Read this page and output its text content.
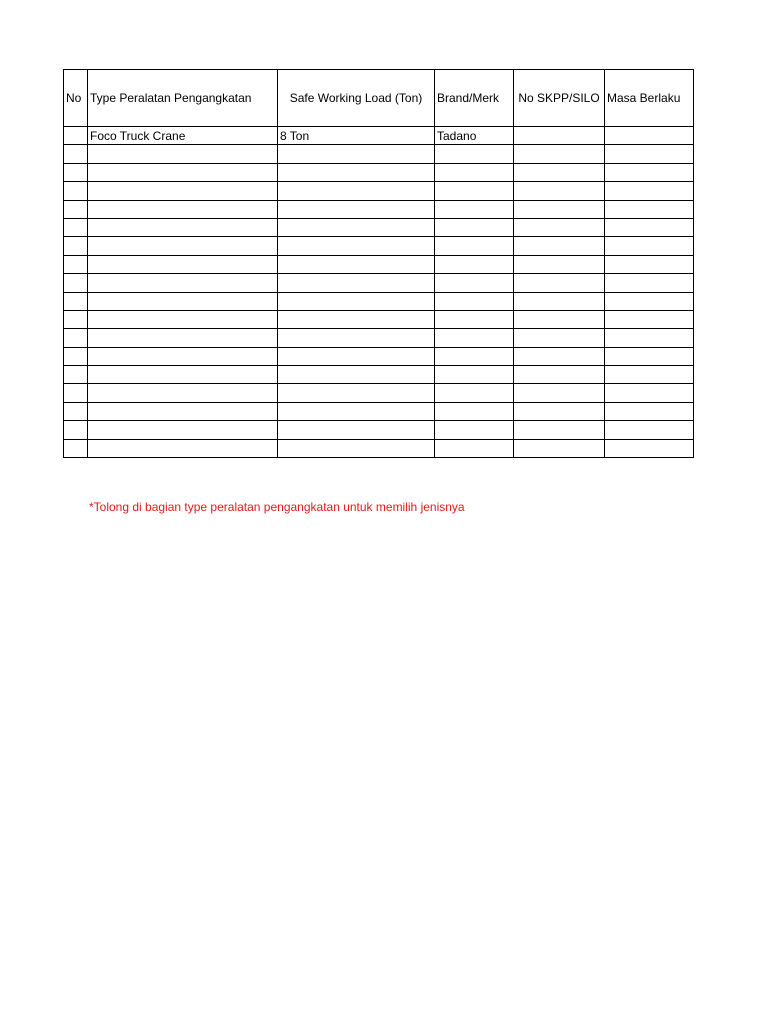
No	Type Peralatan Pengangkatan	Safe Working Load (Ton)	Brand/Merk	No SKPP/SILO	Masa Berlaku
	Foco Truck Crane	8 Ton	Tadano		

*Tolong di bagian type peralatan pengangkatan untuk memilih jenisnya
